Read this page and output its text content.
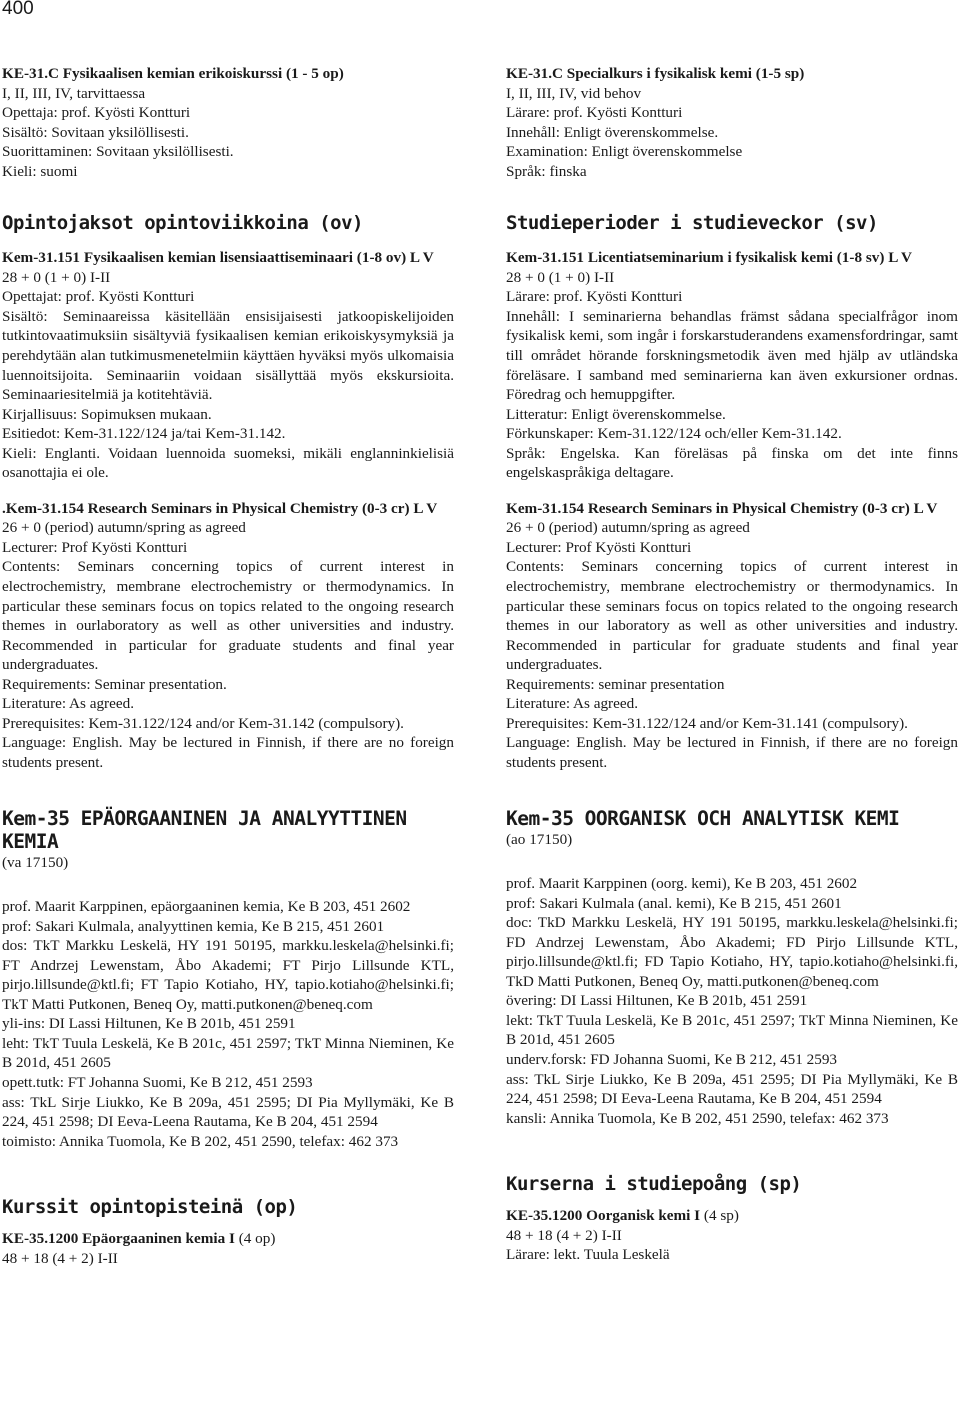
400

KE-31.C Fysikaalisen kemian erikoiskurssi (1 - 5 op)

I, II, III, IV, tarvittaessa

Opettaja: prof. Kyösti Kontturi

Sisältö: Sovitaan yksilöllisesti.

Suorittaminen: Sovitaan yksilöllisesti.

Kieli: suomi

Opintojaksot opintoviikkoina (ov)

Kem-31.151 Fysikaalisen kemian lisensiaattiseminaari (1-8 ov) L V

28 + 0 (1 + 0) I-II

Opettajat: prof. Kyösti Kontturi

Sisältö: Seminaareissa käsitellään ensisijaisesti jatkoopiskelijoiden tutkintovaatimuksiin sisältyviä fysikaalisen kemian erikoiskysymyksiä ja perehdytään alan tutkimusmenetelmiin käyttäen hyväksi myös ulkomaisia luennoitsijoita. Seminaariin voidaan sisällyttää myös ekskursioita. Seminaariesitelmiä ja kotitehtäviä.

Kirjallisuus: Sopimuksen mukaan.

Esitiedot: Kem-31.122/124 ja/tai Kem-31.142.

Kieli: Englanti. Voidaan luennoida suomeksi, mikäli englanninkielisiä osanottajia ei ole.

.Kem-31.154 Research Seminars in Physical Chemistry (0-3 cr) L V

26 + 0 (period) autumn/spring as agreed

Lecturer: Prof Kyösti Kontturi

Contents: Seminars concerning topics of current interest in electrochemistry, membrane electrochemistry or thermodynamics. In particular these seminars focus on topics related to the ongoing research themes in ourlaboratory as well as other universities and industry. Recommended in particular for graduate students and final year undergraduates.

Requirements: Seminar presentation.

Literature: As agreed.

Prerequisites: Kem-31.122/124 and/or Kem-31.142 (compulsory).

Language: English. May be lectured in Finnish, if there are no foreign students present.

Kem-35 EPÄORGAANINEN JA ANALYYTTINEN KEMIA

(va 17150)

prof. Maarit Karppinen, epäorgaaninen kemia, Ke B 203, 451 2602

prof: Sakari Kulmala, analyyttinen kemia, Ke B 215, 451 2601

dos: TkT Markku Leskelä, HY 191 50195, markku.leskela@helsinki.fi; FT Andrzej Lewenstam, Åbo Akademi; FT Pirjo Lillsunde KTL, pirjo.lillsunde@ktl.fi; FT Tapio Kotiaho, HY, tapio.kotiaho@helsinki.fi; TkT Matti Putkonen, Beneq Oy, matti.putkonen@beneq.com

yli-ins: DI Lassi Hiltunen, Ke B 201b, 451 2591

leht: TkT Tuula Leskelä, Ke B 201c, 451 2597; TkT Minna Nieminen, Ke B 201d, 451 2605

opett.tutk: FT Johanna Suomi, Ke B 212, 451 2593

ass: TkL Sirje Liukko, Ke B 209a, 451 2595; DI Pia Myllymäki, Ke B 224, 451 2598; DI Eeva-Leena Rautama, Ke B 204, 451 2594

toimisto: Annika Tuomola, Ke B 202, 451 2590, telefax: 462 373

Kurssit opintopisteinä (op)

KE-35.1200 Epäorgaaninen kemia I (4 op)

48 + 18 (4 + 2) I-II

KE-31.C Specialkurs i fysikalisk kemi (1-5 sp)

I, II, III, IV, vid behov

Lärare: prof. Kyösti Kontturi

Innehåll: Enligt överenskommelse.

Examination: Enligt överenskommelse

Språk: finska

Studieperioder i studieveckor (sv)

Kem-31.151 Licentiatseminarium i fysikalisk kemi (1-8 sv) L V

28 + 0 (1 + 0) I-II

Lärare: prof. Kyösti Kontturi

Innehåll: I seminarierna behandlas främst sådana specialfrågor inom fysikalisk kemi, som ingår i forskarstuderandens examensfordringar, samt till området hörande forskningsmetodik även med hjälp av utländska föreläsare. I samband med seminarierna kan även exkursioner ordnas. Föredrag och hemuppgifter.

Litteratur: Enligt överenskommelse.

Förkunskaper: Kem-31.122/124 och/eller Kem-31.142.

Språk: Engelska. Kan föreläsas på finska om det inte finns engelskaspråkiga deltagare.

Kem-31.154 Research Seminars in Physical Chemistry (0-3 cr) L V

26 + 0 (period) autumn/spring as agreed

Lecturer: Prof Kyösti Kontturi

Contents: Seminars concerning topics of current interest in electrochemistry, membrane electrochemistry or thermodynamics. In particular these seminars focus on topics related to the ongoing research themes in our laboratory as well as other universities and industry. Recommended in particular for graduate students and final year undergraduates.

Requirements: seminar presentation

Literature: As agreed.

Prerequisites: Kem-31.122/124 and/or Kem-31.141 (compulsory).

Language: English. May be lectured in Finnish, if there are no foreign students present.

Kem-35 OORGANISK OCH ANALYTISK KEMI

(ao 17150)

prof. Maarit Karppinen (oorg. kemi), Ke B 203, 451 2602

prof: Sakari Kulmala (anal. kemi), Ke B 215, 451 2601

doc: TkD Markku Leskelä, HY 191 50195, markku.leskela@helsinki.fi; FD Andrzej Lewenstam, Åbo Akademi; FD Pirjo Lillsunde KTL, pirjo.lillsunde@ktl.fi; FD Tapio Kotiaho, HY, tapio.kotiaho@helsinki.fi, TkD Matti Putkonen, Beneq Oy, matti.putkonen@beneq.com

övering: DI Lassi Hiltunen, Ke B 201b, 451 2591

lekt: TkT Tuula Leskelä, Ke B 201c, 451 2597; TkT Minna Nieminen, Ke B 201d, 451 2605

underv.forsk: FD Johanna Suomi, Ke B 212, 451 2593

ass: TkL Sirje Liukko, Ke B 209a, 451 2595; DI Pia Myllymäki, Ke B 224, 451 2598; DI Eeva-Leena Rautama, Ke B 204, 451 2594

kansli: Annika Tuomola, Ke B 202, 451 2590, telefax: 462 373

Kurserna i studiepoång (sp)

KE-35.1200 Oorganisk kemi I (4 sp)

48 + 18 (4 + 2) I-II

Lärare: lekt. Tuula Leskelä
